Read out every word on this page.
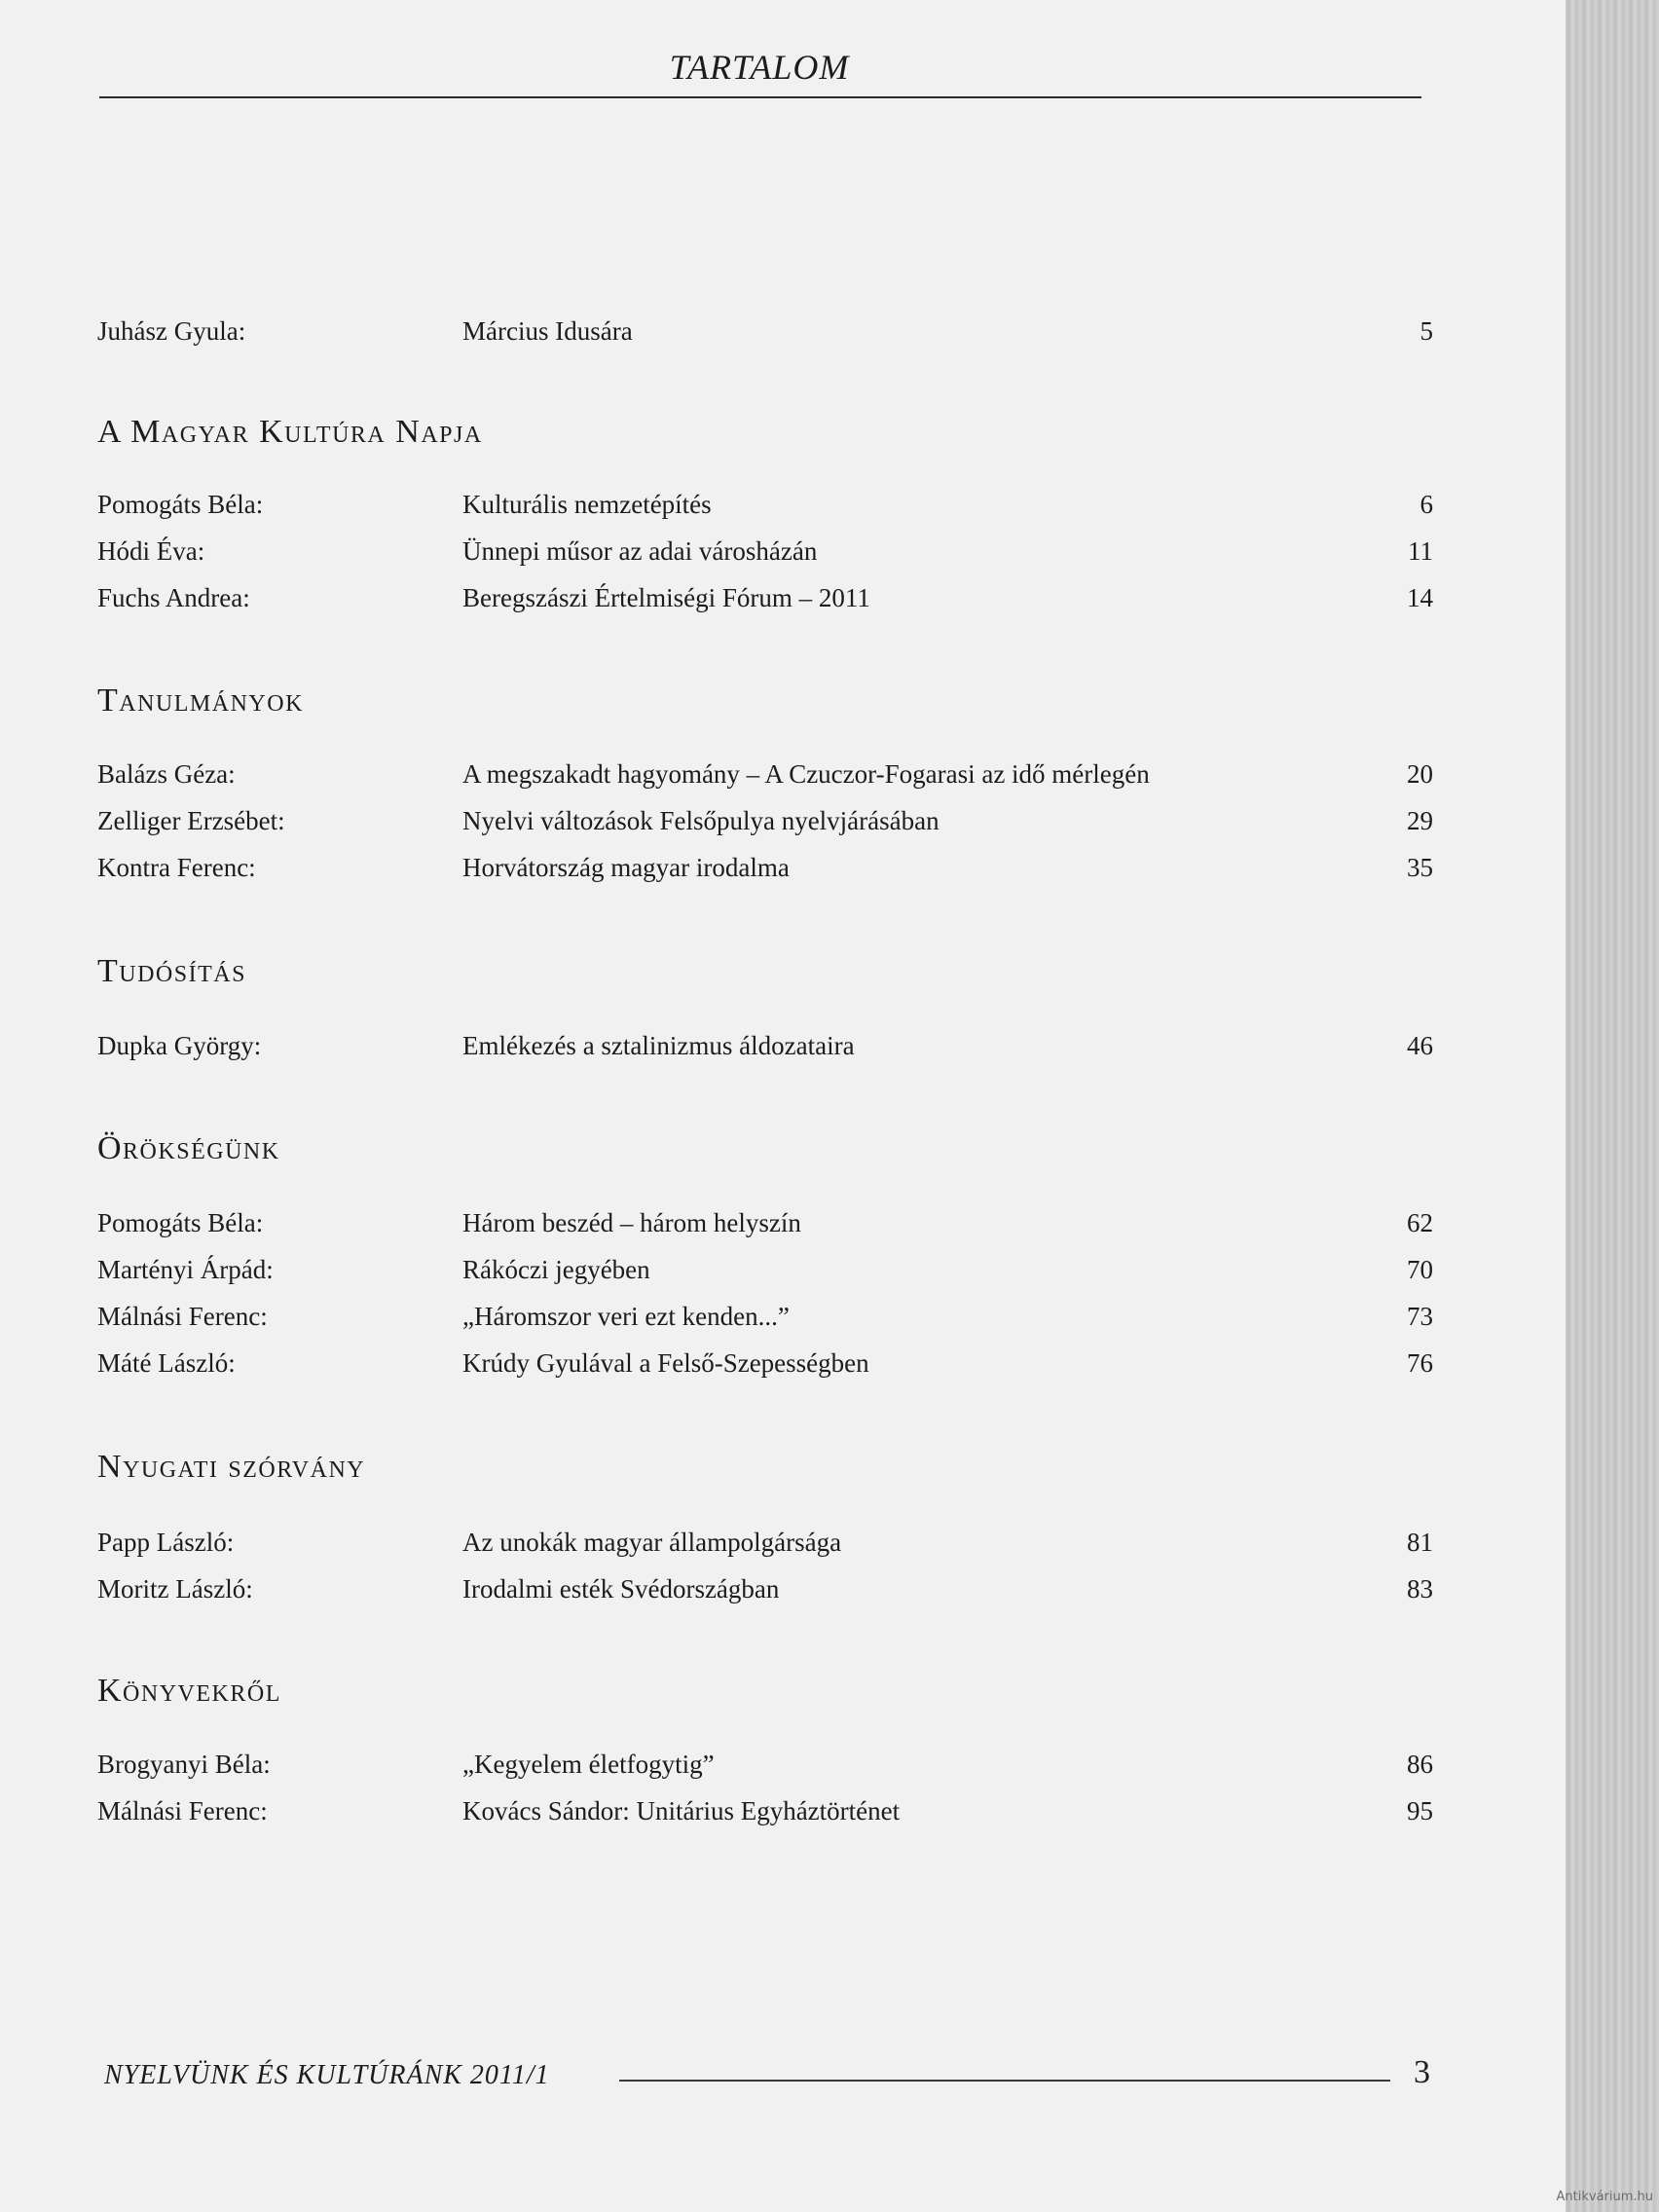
TARTALOM
Juhász Gyula:	Március Idusára	5
A Magyar Kultúra Napja
Pomogáts Béla:	Kulturális nemzetépítés	6
Hódi Éva:	Ünnepi műsor az adai városházán	11
Fuchs Andrea:	Beregszászi Értelmiségi Fórum – 2011	14
Tanulmányok
Balázs Géza:	A megszakadt hagyomány – A Czuczor-Fogarasi az idő mérlegén	20
Zelliger Erzsébet:	Nyelvi változások Felsőpulya nyelvjárásában	29
Kontra Ferenc:	Horvátország magyar irodalma	35
Tudósítás
Dupka György:	Emlékezés a sztalinizmus áldozataira	46
Örökségünk
Pomogáts Béla:	Három beszéd – három helyszín	62
Martényi Árpád:	Rákóczi jegyében	70
Málnási Ferenc:	„Háromszor veri ezt kenden...”	73
Máté László:	Krúdy Gyulával a Felső-Szepességben	76
Nyugati szórvány
Papp László:	Az unokák magyar állampolgársága	81
Moritz László:	Irodalmi esték Svédországban	83
Könyvekről
Brogyanyi Béla:	„Kegyelem életfogytig”	86
Málnási Ferenc:	Kovács Sándor: Unitárius Egyháztörténet	95
NYELVÜNK ÉS KULTÚRÁNK 2011/1	3
Antikvárium.hu
